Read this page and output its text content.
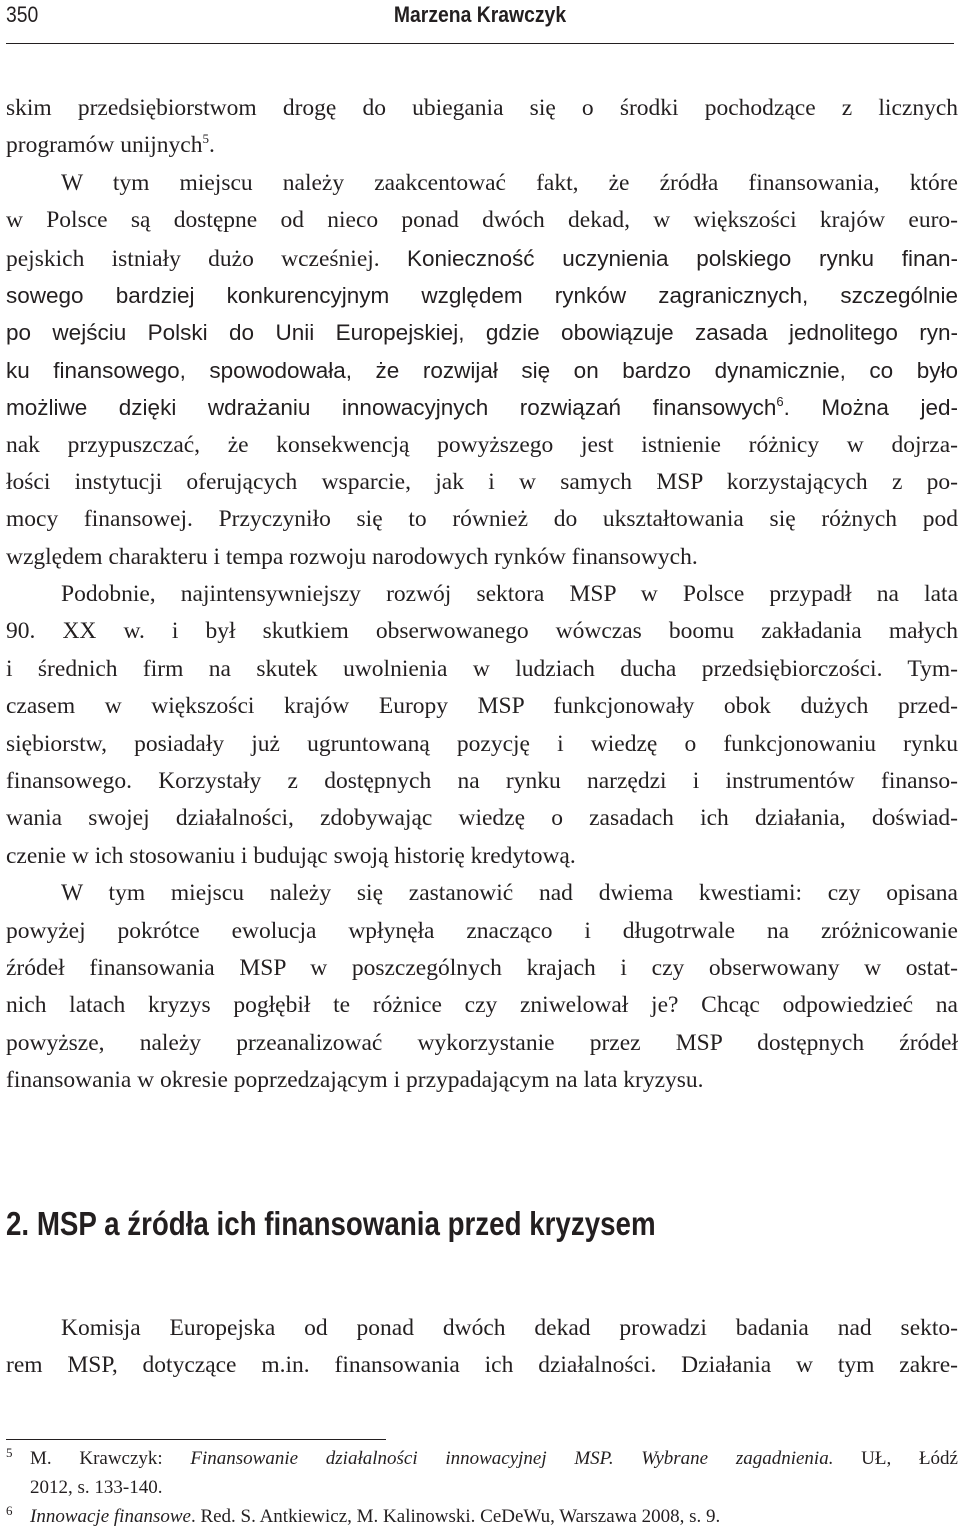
350	Marzena Krawczyk
skim przedsiębiorstwom drogę do ubiegania się o środki pochodzące z licznych
programów unijnych$^5$.
W tym miejscu należy zaakcentować fakt, że źródła finansowania, które
w Polsce są dostępne od nieco ponad dwóch dekad, w większości krajów euro-
pejskich istniały dużo wcześniej. Konieczność uczynienia polskiego rynku finan-
sowego bardziej konkurencyjnym względem rynków zagranicznych, szczególnie
po wejściu Polski do Unii Europejskiej, gdzie obowiązuje zasada jednolitego ryn-
ku finansowego, spowodowała, że rozwijał się on bardzo dynamicznie, co było
możliwe dzięki wdrażaniu innowacyjnych rozwiązań finansowych$^6$. Można jed-
nak przypuszczać, że konsekwencją powyższego jest istnienie różnicy w dojrza-
łości instytucji oferujących wsparcie, jak i w samych MSP korzystających z po-
mocy finansowej. Przyczyniło się to również do ukształtowania się różnych pod
względem charakteru i tempa rozwoju narodowych rynków finansowych.
Podobnie, najintensywniejszy rozwój sektora MSP w Polsce przypadł na lata
90. XX w. i był skutkiem obserwowanego wówczas boomu zakładania małych
i średnich firm na skutek uwolnienia w ludziach ducha przedsiębiorczości. Tym-
czasem w większości krajów Europy MSP funkcjonowały obok dużych przed-
siębiorstw, posiadały już ugruntowaną pozycję i wiedzę o funkcjonowaniu rynku
finansowego. Korzystały z dostępnych na rynku narzędzi i instrumentów finanso-
wania swojej działalności, zdobywając wiedzę o zasadach ich działania, doświad-
czenie w ich stosowaniu i budując swoją historię kredytową.
W tym miejscu należy się zastanowić nad dwiema kwestiami: czy opisana
powyżej pokrótce ewolucja wpłynęła znacząco i długotrwale na zróżnicowanie
źródeł finansowania MSP w poszczególnych krajach i czy obserwowany w ostat-
nich latach kryzys pogłębił te różnice czy zniwelował je? Chcąc odpowiedzieć na
powyższe, należy przeanalizować wykorzystanie przez MSP dostępnych źródeł
finansowania w okresie poprzedzającym i przypadającym na lata kryzysu.
2. MSP a źródła ich finansowania przed kryzysem
Komisja Europejska od ponad dwóch dekad prowadzi badania nad sekto-
rem MSP, dotyczące m.in. finansowania ich działalności. Działania w tym zakre-
5 M. Krawczyk: Finansowanie działalności innowacyjnej MSP. Wybrane zagadnienia. UŁ, Łódź
2012, s. 133-140.
6 Innowacje finansowe. Red. S. Antkiewicz, M. Kalinowski. CeDeWu, Warszawa 2008, s. 9.
